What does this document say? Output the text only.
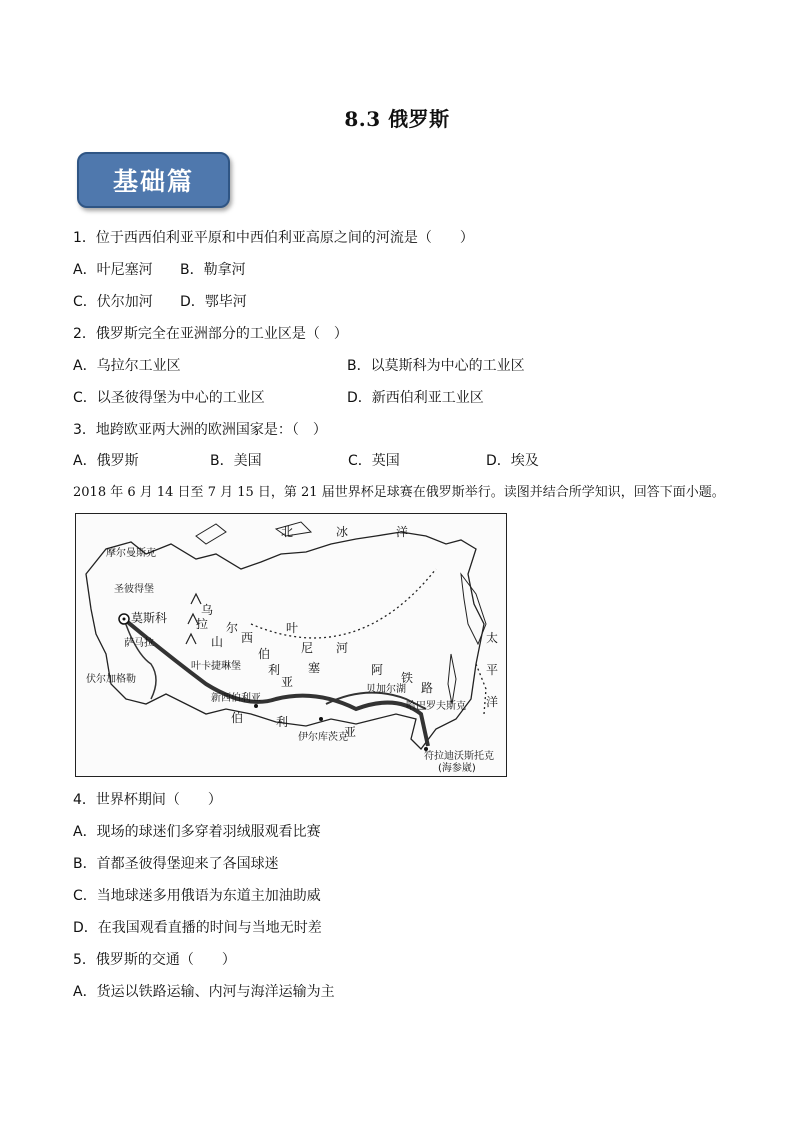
8.3 俄罗斯
基础篇
1．位于西西伯利亚平原和中西伯利亚高原之间的河流是（　　）
A．叶尼塞河 B．勒拿河
C．伏尔加河 D．鄂毕河
2．俄罗斯完全在亚洲部分的工业区是（　）
A．乌拉尔工业区	B．以莫斯科为中心的工业区
C．以圣彼得堡为中心的工业区	D．新西伯利亚工业区
3．地跨欧亚两大洲的欧洲国家是：（　）
A．俄罗斯	B．美国	C．英国	D．埃及
2018 年 6 月 14 日至 7 月 15 日，第 21 届世界杯足球赛在俄罗斯举行。读图并结合所学知识，回答下面小题。
北	冰	洋
摩尔曼斯克
圣彼得堡
莫斯科
萨马拉
伏尔加格勒
叶卡捷琳堡
新西伯利亚
伊尔库茨克
贝加尔湖
哈巴罗夫斯克
符拉迪沃斯托克
(海参崴)
乌
拉 尔
山 西
伯
利
亚
叶
尼
塞
河
阿
铁
路
太
平
洋
伯	利
亚
4．世界杯期间（　　）
A．现场的球迷们多穿着羽绒服观看比赛
B．首都圣彼得堡迎来了各国球迷
C．当地球迷多用俄语为东道主加油助威
D．在我国观看直播的时间与当地无时差
5．俄罗斯的交通（　　）
A．货运以铁路运输、内河与海洋运输为主
